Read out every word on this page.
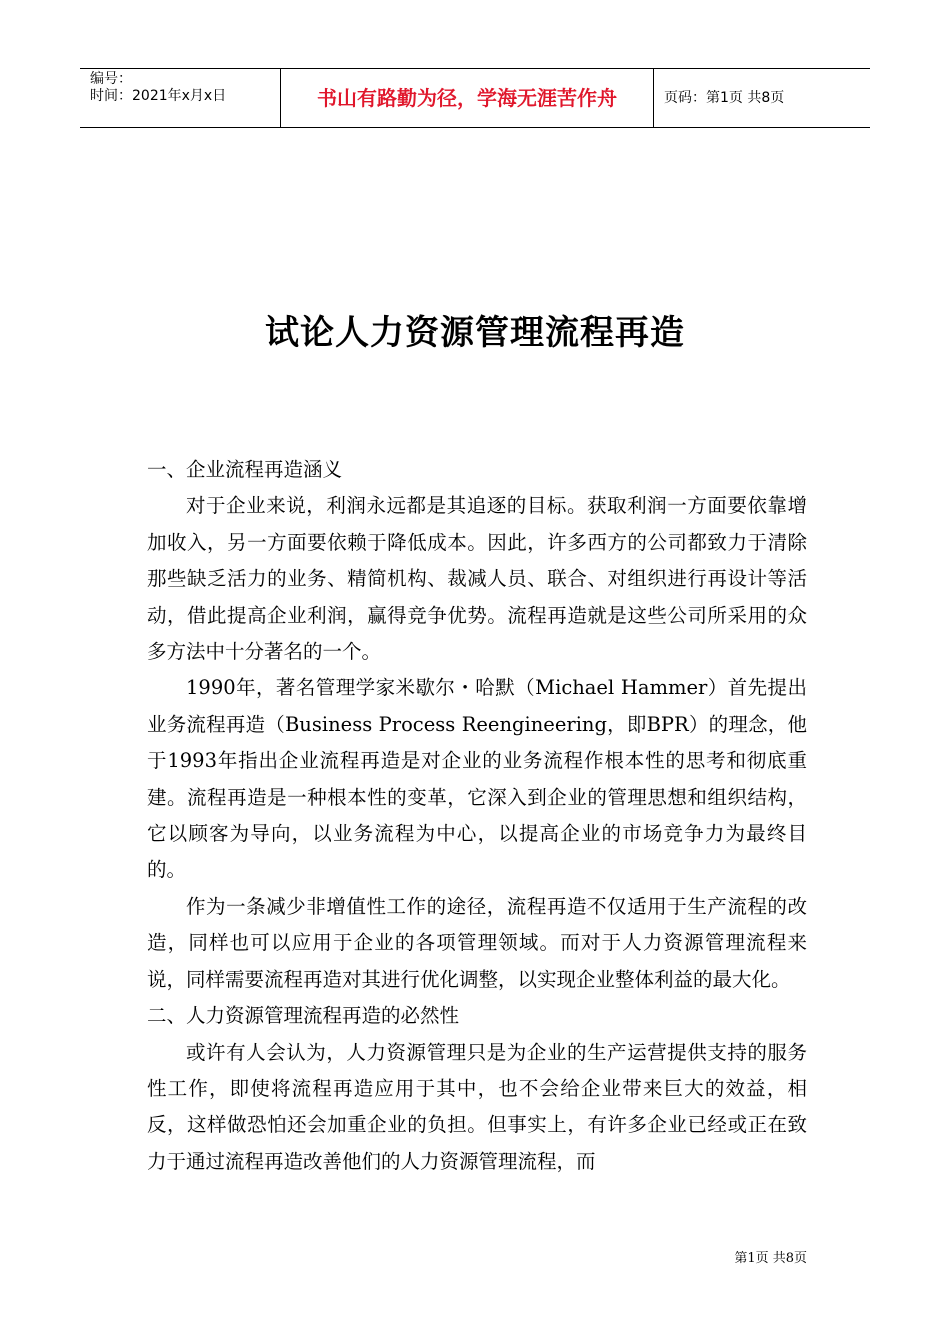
编号：
时间：2021年x月x日	书山有路勤为径，学海无涯苦作舟	页码：第1页 共8页
试论人力资源管理流程再造

一、企业流程再造涵义

对于企业来说，利润永远都是其追逐的目标。获取利润一方面要依靠增加收入，另一方面要依赖于降低成本。因此，许多西方的公司都致力于清除那些缺乏活力的业务、精简机构、裁减人员、联合、对组织进行再设计等活动，借此提高企业利润，赢得竞争优势。流程再造就是这些公司所采用的众多方法中十分著名的一个。

1990年，著名管理学家米歇尔・哈默（Michael Hammer）首先提出业务流程再造（Business Process Reengineering，即BPR）的理念，他于1993年指出企业流程再造是对企业的业务流程作根本性的思考和彻底重建。流程再造是一种根本性的变革，它深入到企业的管理思想和组织结构，它以顾客为导向，以业务流程为中心，以提高企业的市场竞争力为最终目的。

作为一条减少非增值性工作的途径，流程再造不仅适用于生产流程的改造，同样也可以应用于企业的各项管理领域。而对于人力资源管理流程来说，同样需要流程再造对其进行优化调整，以实现企业整体利益的最大化。

二、人力资源管理流程再造的必然性

或许有人会认为，人力资源管理只是为企业的生产运营提供支持的服务性工作，即使将流程再造应用于其中，也不会给企业带来巨大的效益，相反，这样做恐怕还会加重企业的负担。但事实上，有许多企业已经或正在致力于通过流程再造改善他们的人力资源管理流程，而

第1页 共8页
